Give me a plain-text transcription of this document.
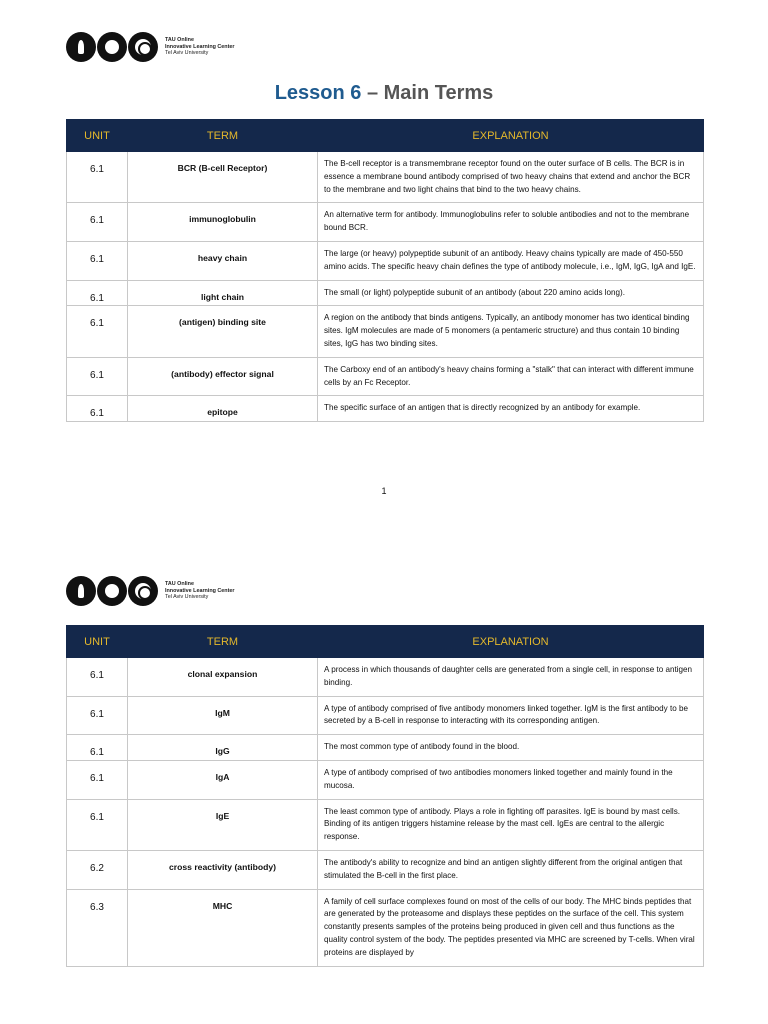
TAU Online
Innovative Learning Center
Tel Aviv University
Lesson 6 – Main Terms
UNIT	TERM	EXPLANATION
6.1	BCR (B-cell Receptor)	The B-cell receptor is a transmembrane receptor found on the outer surface of B cells. The BCR is in essence a membrane bound antibody comprised of two heavy chains that extend and anchor the BCR to the membrane and two light chains that bind to the two heavy chains.
6.1	immunoglobulin	An alternative term for antibody. Immunoglobulins refer to soluble antibodies and not to the membrane bound BCR.
6.1	heavy chain	The large (or heavy) polypeptide subunit of an antibody. Heavy chains typically are made of 450-550 amino acids. The specific heavy chain defines the type of antibody molecule, i.e., IgM, IgG, IgA and IgE.
6.1	light chain	The small (or light) polypeptide subunit of an antibody (about 220 amino acids long).
6.1	(antigen) binding site	A region on the antibody that binds antigens. Typically, an antibody monomer has two identical binding sites. IgM molecules are made of 5 monomers (a pentameric structure) and thus contain 10 binding sites, IgG has two binding sites.
6.1	(antibody) effector signal	The Carboxy end of an antibody's heavy chains forming a "stalk" that can interact with different immune cells by an Fc Receptor.
6.1	epitope	The specific surface of an antigen that is directly recognized by an antibody for example.
1
TAU Online
Innovative Learning Center
Tel Aviv University
UNIT	TERM	EXPLANATION
6.1	clonal expansion	A process in which thousands of daughter cells are generated from a single cell, in response to antigen binding.
6.1	IgM	A type of antibody comprised of five antibody monomers linked together. IgM is the first antibody to be secreted by a B-cell in response to interacting with its corresponding antigen.
6.1	IgG	The most common type of antibody found in the blood.
6.1	IgA	A type of antibody comprised of two antibodies monomers linked together and mainly found in the mucosa.
6.1	IgE	The least common type of antibody. Plays a role in fighting off parasites. IgE is bound by mast cells. Binding of its antigen triggers histamine release by the mast cell. IgEs are central to the allergic response.
6.2	cross reactivity (antibody)	The antibody's ability to recognize and bind an antigen slightly different from the original antigen that stimulated the B-cell in the first place.
6.3	MHC	A family of cell surface complexes found on most of the cells of our body. The MHC binds peptides that are generated by the proteasome and displays these peptides on the surface of the cell. This system constantly presents samples of the proteins being produced in given cell and thus functions as the quality control system of the body. The peptides presented via MHC are screened by T-cells. When viral proteins are displayed by
